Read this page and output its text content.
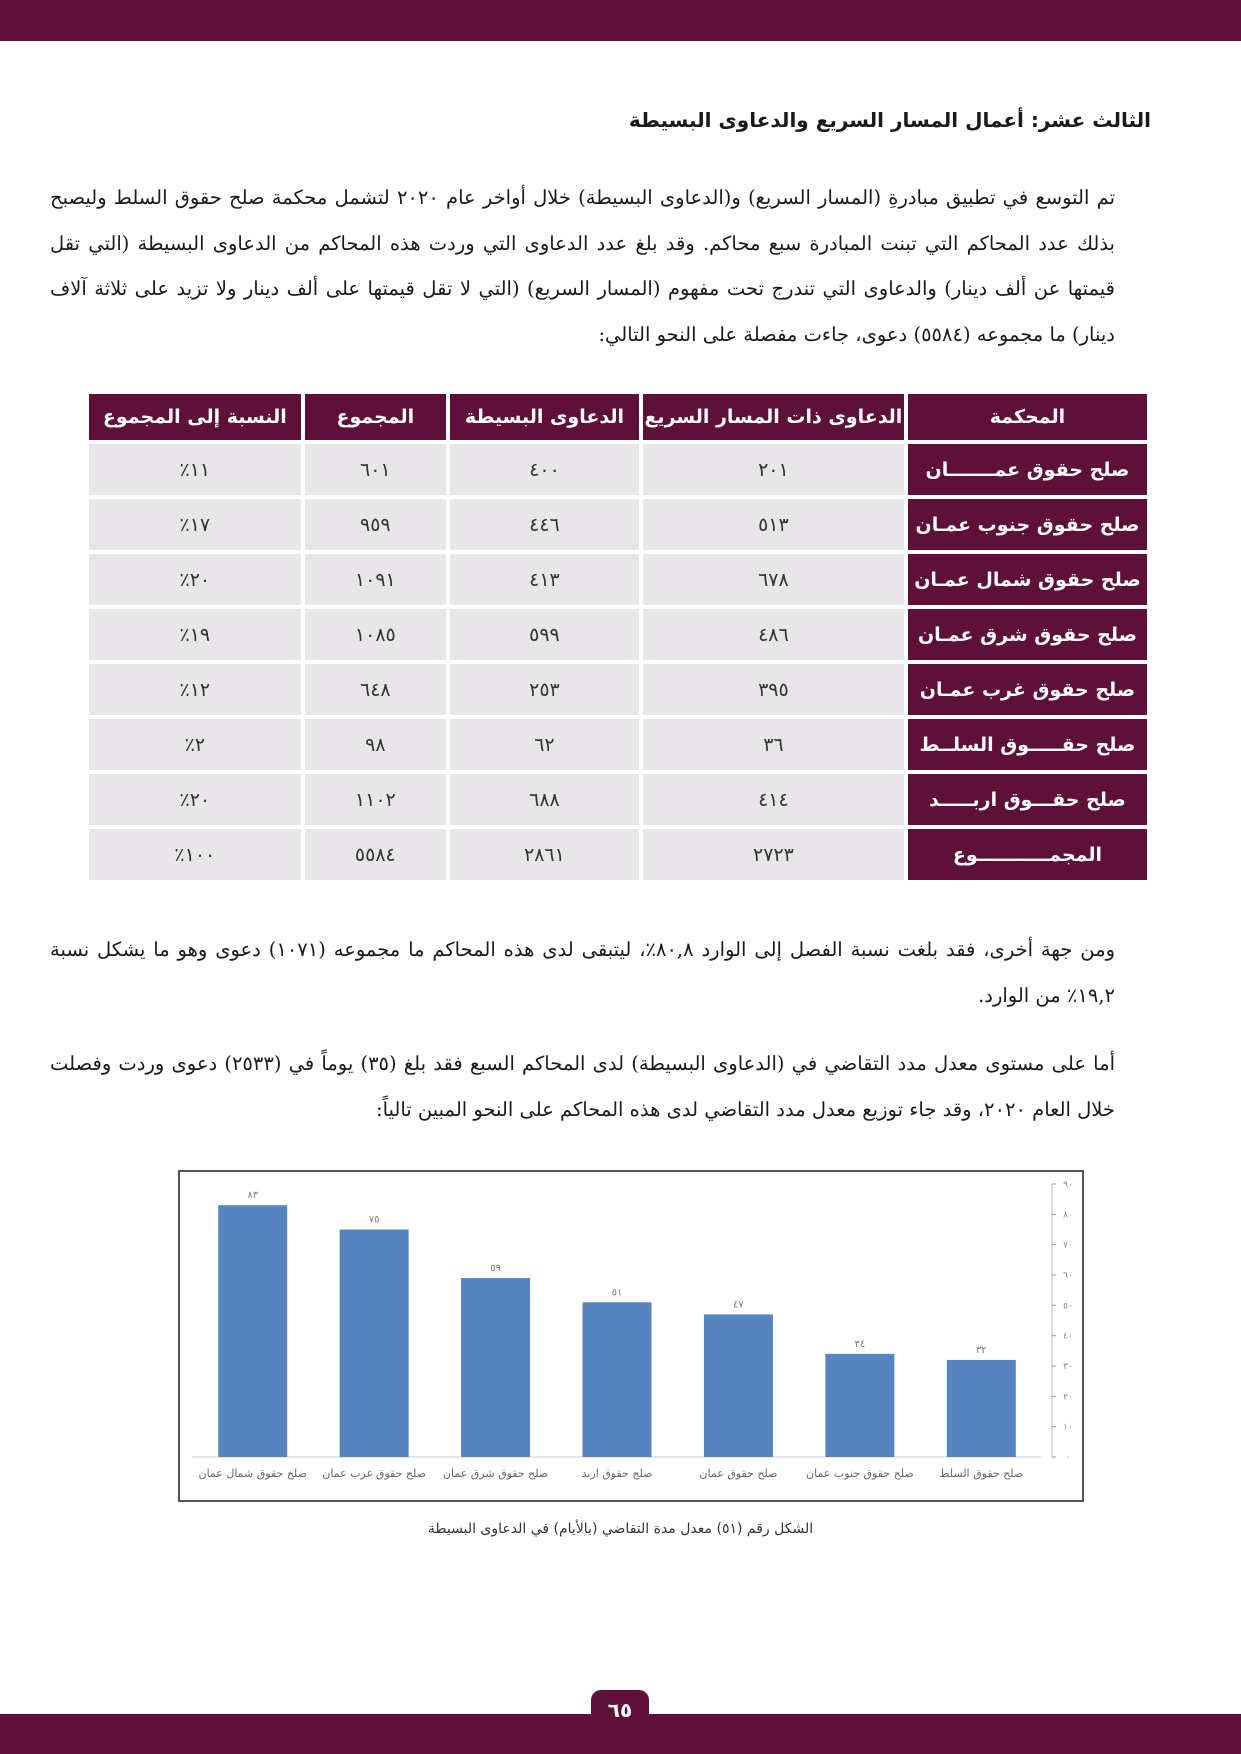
الثالث عشر: أعمال المسار السريع والدعاوى البسيطة
تم التوسع في تطبيق مبادرةِ (المسار السريع) و(الدعاوى البسيطة) خلال أواخر عام ٢٠٢٠ لتشمل محكمة صلح حقوق السلط وليصبح بذلك عدد المحاكم التي تبنت المبادرة سبع محاكم. وقد بلغ عدد الدعاوى التي وردت هذه المحاكم من الدعاوى البسيطة (التي تقل قيمتها عن ألف دينار) والدعاوى التي تندرج تحت مفهوم (المسار السريع) (التي لا تقل قيمتها على ألف دينار ولا تزيد على ثلاثة آلاف دينار) ما مجموعه (٥٥٨٤) دعوى، جاءت مفصلة على النحو التالي:
المحكمة	الدعاوى ذات المسار السريع	الدعاوى البسيطة	المجموع	النسبة إلى المجموع
صلح حقوق عمـــــــان	٢٠١	٤٠٠	٦٠١	١١٪
صلح حقوق جنوب عمـان	٥١٣	٤٤٦	٩٥٩	١٧٪
صلح حقوق شمال عمـان	٦٧٨	٤١٣	١٠٩١	٢٠٪
صلح حقوق شرق عمـان	٤٨٦	٥٩٩	١٠٨٥	١٩٪
صلح حقوق غرب عمـان	٣٩٥	٢٥٣	٦٤٨	١٢٪
صلح حقـــــوق السلــط	٣٦	٦٢	٩٨	٢٪
صلح حقـــوق اربـــــد	٤١٤	٦٨٨	١١٠٢	٢٠٪
المجمـــــــــــوع	٢٧٢٣	٢٨٦١	٥٥٨٤	١٠٠٪
ومن جهة أخرى، فقد بلغت نسبة الفصل إلى الوارد ٨٠,٨٪، ليتبقى لدى هذه المحاكم ما مجموعه (١٠٧١) دعوى وهو ما يشكل نسبة ١٩,٢٪ من الوارد.
أما على مستوى معدل مدد التقاضي في (الدعاوى البسيطة) لدى المحاكم السبع فقد بلغ (٣٥) يوماً في (٢٥٣٣) دعوى وردت وفصلت خلال العام ٢٠٢٠، وقد جاء توزيع معدل مدد التقاضي لدى هذه المحاكم على النحو المبين تالياً:
٠
١٠
٢٠
٣٠
٤٠
٥٠
٦٠
٧٠
٨٠
٩٠
٨٣
صلح حقوق شمال عمان
٧٥
صلح حقوق غرب عمان
٥٩
صلح حقوق شرق عمان
٥١
صلح حقوق اربد
٤٧
صلح حقوق عمان
٣٤
صلح حقوق جنوب عمان
٣٢
صلح حقوق السلط
الشكل رقم (٥١) معدل مدة التقاضي (بالأيام) في الدعاوى البسيطة
٦٥
